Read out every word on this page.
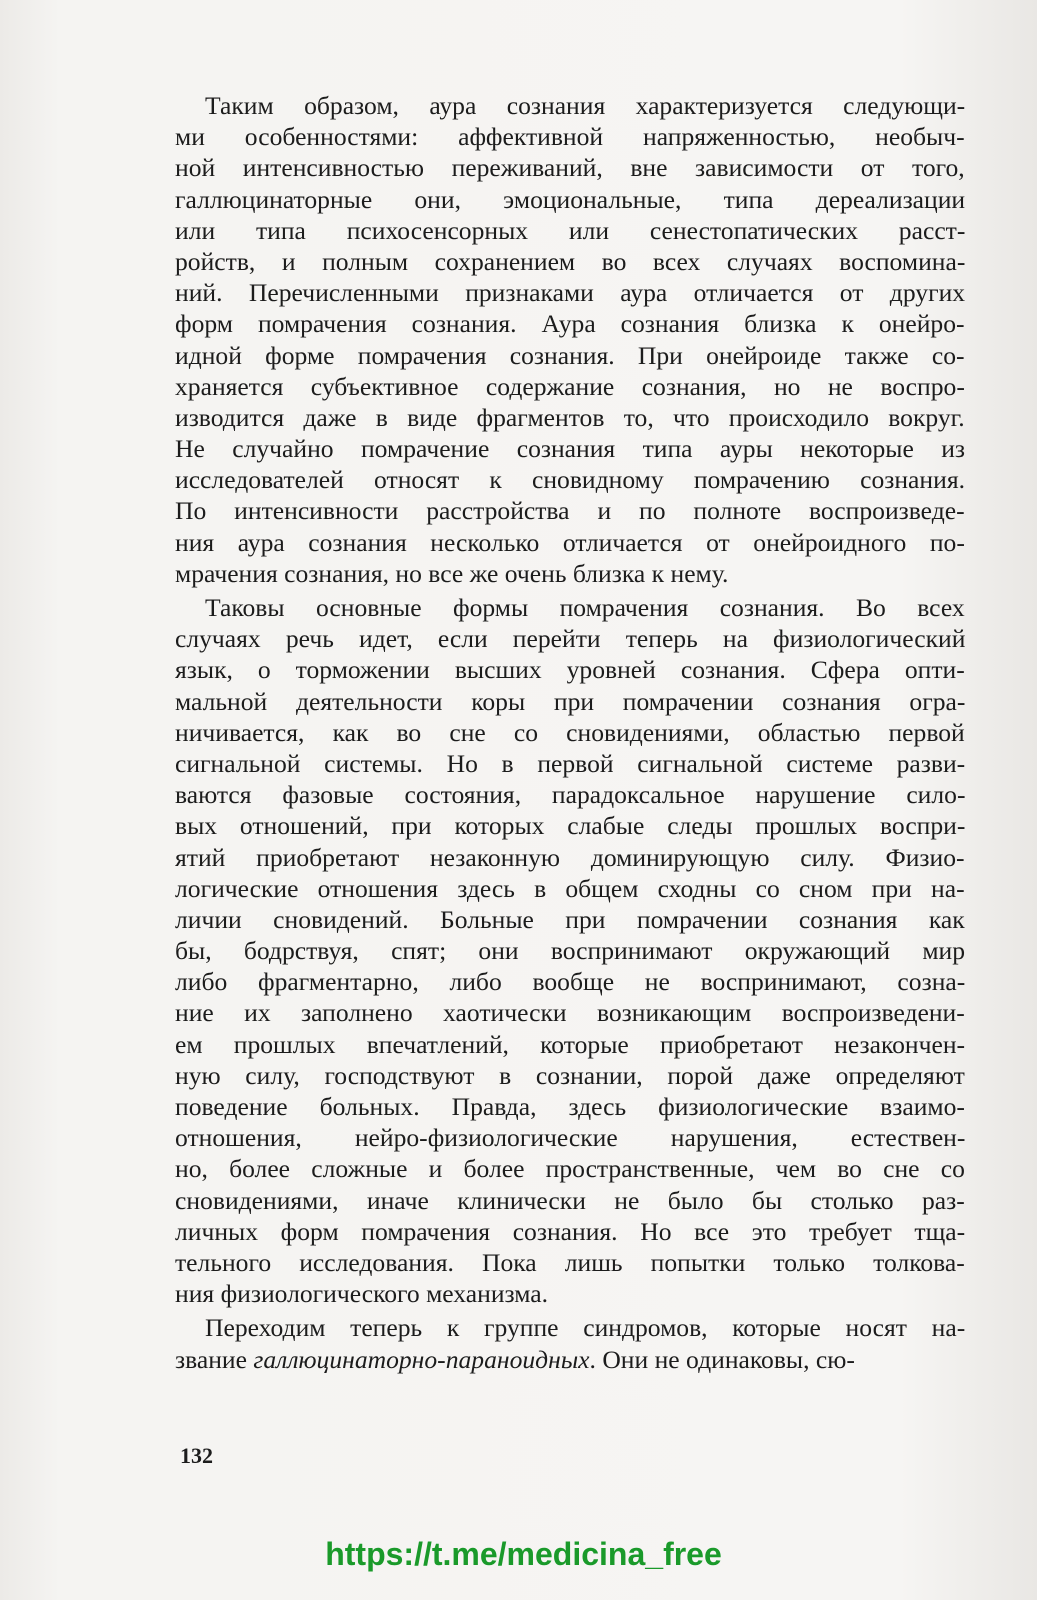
Таким образом, аура сознания характеризуется следующи-
ми особенностями: аффективной напряженностью, необыч-
ной интенсивностью переживаний, вне зависимости от того,
галлюцинаторные они, эмоциональные, типа дереализации
или типа психосенсорных или сенестопатических расст-
ройств, и полным сохранением во всех случаях воспомина-
ний. Перечисленными признаками аура отличается от других
форм помрачения сознания. Аура сознания близка к онейро-
идной форме помрачения сознания. При онейроиде также со-
храняется субъективное содержание сознания, но не воспро-
изводится даже в виде фрагментов то, что происходило вокруг.
Не случайно помрачение сознания типа ауры некоторые из
исследователей относят к сновидному помрачению сознания.
По интенсивности расстройства и по полноте воспроизведе-
ния аура сознания несколько отличается от онейроидного по-
мрачения сознания, но все же очень близка к нему.
Таковы основные формы помрачения сознания. Во всех
случаях речь идет, если перейти теперь на физиологический
язык, о торможении высших уровней сознания. Сфера опти-
мальной деятельности коры при помрачении сознания огра-
ничивается, как во сне со сновидениями, областью первой
сигнальной системы. Но в первой сигнальной системе разви-
ваются фазовые состояния, парадоксальное нарушение сило-
вых отношений, при которых слабые следы прошлых воспри-
ятий приобретают незаконную доминирующую силу. Физио-
логические отношения здесь в общем сходны со сном при на-
личии сновидений. Больные при помрачении сознания как
бы, бодрствуя, спят; они воспринимают окружающий мир
либо фрагментарно, либо вообще не воспринимают, созна-
ние их заполнено хаотически возникающим воспроизведени-
ем прошлых впечатлений, которые приобретают незакончен-
ную силу, господствуют в сознании, порой даже определяют
поведение больных. Правда, здесь физиологические взаимо-
отношения, нейро-физиологические нарушения, естествен-
но, более сложные и более пространственные, чем во сне со
сновидениями, иначе клинически не было бы столько раз-
личных форм помрачения сознания. Но все это требует тща-
тельного исследования. Пока лишь попытки только толкова-
ния физиологического механизма.
Переходим теперь к группе синдромов, которые носят на-
звание галлюцинаторно-параноидных. Они не одинаковы, сю-
132
https://t.me/medicina_free
